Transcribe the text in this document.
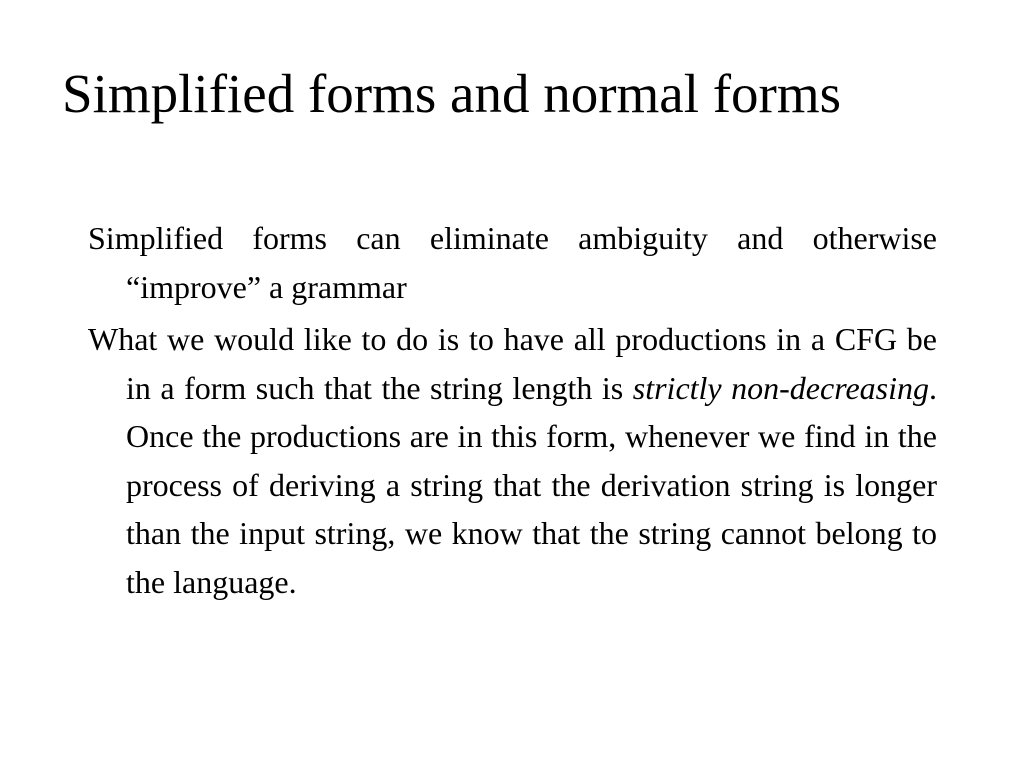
Simplified forms and normal forms

Simplified forms can eliminate ambiguity and otherwise “improve” a grammar

What we would like to do is to have all productions in a CFG be in a form such that the string length is strictly non-decreasing. Once the productions are in this form, whenever we find in the process of deriving a string that the derivation string is longer than the input string, we know that the string cannot belong to the language.
